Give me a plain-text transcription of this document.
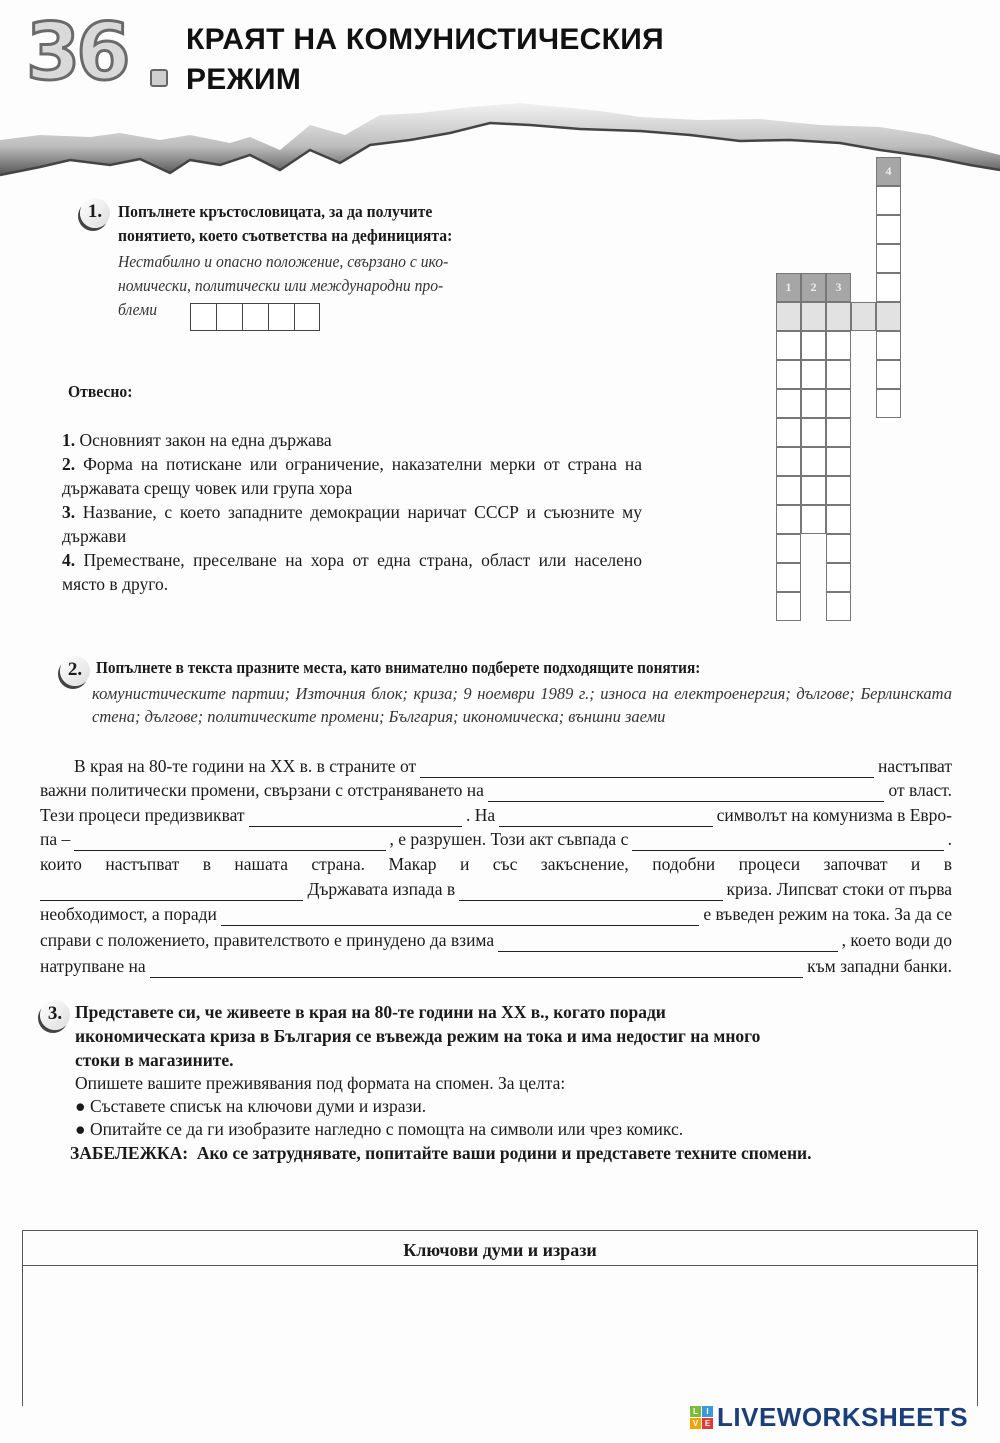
36 КРАЯТ НА КОМУНИСТИЧЕСКИЯ
РЕЖИМ
1. Попълнете кръстословицата, за да получите
понятието, което съответства на дефиницията:
Нестабилно и опасно положение, свързано с ико-
номически, политически или международни про-
блеми
Отвесно:
1. Основният закон на една държава
2. Форма на потискане или ограничение, наказателни мерки от страна на държавата срещу човек или група хора
3. Название, с което западните демокрации наричат СССР и съюзните му държави
4. Преместване, преселване на хора от една страна, област или населено място в друго.
1	2	3
4
2. Попълнете в текста празните места, като внимателно подберете подходящите понятия:
комунистическите партии; Източния блок; криза; 9 ноември 1989 г.; износа на електроенергия; дългове; Берлинската стена; дългове; политическите промени; България; икономическа; външни заеми
В края на 80-те години на XX в. в страните от	настъпват
важни политически промени, свързани с отстраняването на	от власт.
Тези процеси предизвикват	. На	символът на комунизма в Евро-
па –	, е разрушен. Този акт съвпада с	.
които настъпват в нашата страна. Макар и със закъснение, подобни процеси започват и в
Държавата изпада в	криза. Липсват стоки от първа
необходимост, а поради	е въведен режим на тока. За да се
справи с положението, правителството е принудено да взима	, което води до
натрупване на	към западни банки.
3. Представете си, че живеете в края на 80-те години на XX в., когато поради
икономическата криза в България се въвежда режим на тока и има недостиг на много
стоки в магазините.
Опишете вашите преживявания под формата на спомен. За целта:
● Съставете списък на ключови думи и изрази.
● Опитайте се да ги изобразите нагледно с помощта на символи или чрез комикс.
ЗАБЕЛЕЖКА: Ако се затруднявате, попитайте ваши родини и представете техните спомени.
Ключови думи и изрази
L	I
V E LIVEWORKSHEETS
